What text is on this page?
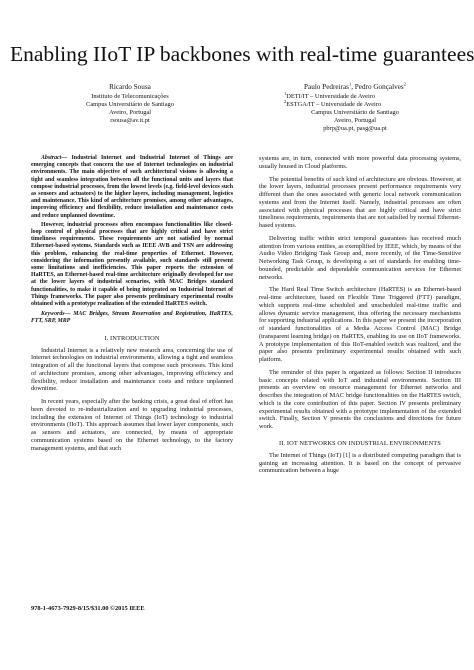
Enabling IIoT IP backbones with real-time guarantees
Ricardo Sousa
Instituto de Telecomunicações
Campus Universitário de Santiago
Aveiro, Portugal
rsousa@av.it.pt
Paulo Pedreiras$^1$, Pedro Gonçalves$^2$
$^1$DETI/IT – Universidade de Aveiro
$^2$ESTGA/IT – Universidade de Aveiro
Campus Universitário de Santiago
Aveiro, Portugal
pbrp@ua.pt, pasg@ua.pt

Abstract— Industrial Internet and Industrial Internet of Things are emerging concepts that concern the use of Internet technologies on industrial environments. The main objective of such architectural visions is allowing a tight and seamless integration between all the functional units and layers that compose industrial processes, from the lowest levels (e.g. field-level devices such as sensors and actuators) to the higher layers, including management, logistics and maintenance. This kind of architecture promises, among other advantages, improving efficiency and flexibility, reduce installation and maintenance costs and reduce unplanned downtime.

However, industrial processes often encompass functionalities like closed-loop control of physical processes that are highly critical and have strict timeliness requirements. These requirements are not satisfied by normal Ethernet-based systems. Standards such as IEEE AVB and TSN are addressing this problem, enhancing the real-time properties of Ethernet. However, considering the information presently available, such standards still present some limitations and inefficiencies. This paper reports the extension of HaRTES, an Ethernet-based real-time architecture originally developed for use at the lower layers of industrial scenarios, with MAC Bridges standard functionalities, to make it capable of being integrated on Industrial Internet of Things frameworks. The paper also presents preliminary experimental results obtained with a prototype realization of the extended HaRTES switch.

Keywords— MAC Bridges, Stream Reservation and Registration, HaRTES, FTT, SRP, MRP

I. INTRODUCTION

Industrial Internet is a relatively new research area, concerning the use of Internet technologies on industrial environments, allowing a tight and seamless integration of all the functional layers that compose such processes. This kind of architecture promises, among other advantages, improving efficiency and flexibility, reduce installation and maintenance costs and reduce unplanned downtime.

In recent years, especially after the banking crisis, a great deal of effort has been devoted to re-industrialization and to upgrading industrial processes, including the extension of Internet of Things (IoT) technology to industrial environments (IIoT). This approach assumes that lower layer components, such as sensors and actuators, are connected, by means of appropriate communication systems based on the Ethernet technology, to the factory management systems, and that such

systems are, in turn, connected with more powerful data processing systems, usually housed in Cloud platforms.

The potential benefits of such kind of architecture are obvious. However, at the lower layers, industrial processes present performance requirements very different than the ones associated with generic local network communication systems and from the Internet itself. Namely, industrial processes are often associated with physical processes that are highly critical and have strict timeliness requirements, requirements that are not satisfied by normal Ethernet-based systems.

Delivering traffic within strict temporal guarantees has received much attention from various entities, as exemplified by IEEE, which, by means of the Audio Video Bridging Task Group and, more recently, of the Time-Sensitive Networking Task Group, is developing a set of standards for enabling time-bounded, predictable and dependable communication services for Ethernet networks.

The Hard Real Time Switch architecture (HaRTES) is an Ethernet-based real-time architecture, based on Flexible Time Triggered (FTT) paradigm, which supports real-time scheduled and unscheduled real-time traffic and allows dynamic service management, thus offering the necessary mechanisms for supporting industrial applications. In this paper we present the incorporation of standard functionalities of a Media Access Control (MAC) Bridge (transparent learning bridge) on HaRTES, enabling its use on IIoT frameworks. A prototype implementation of this IIoT-enabled switch was realized, and the paper also presents preliminary experimental results obtained with such platform.

The reminder of this paper is organized as follows: Section II introduces basic concepts related with IoT and industrial environments. Section III presents an overview on resource management for Ethernet networks and describes the integration of MAC bridge functionalities on the HaRTES switch, which is the core contribution of this paper. Section IV presents preliminary experimental results obtained with a prototype implementation of the extended switch. Finally, Section V presents the conclusions and directions for future work.

II. IOT NETWORKS ON INDUSTRIAL ENVIRONMENTS

The Internet of Things (IoT) [1] is a distributed computing paradigm that is gaining an increasing attention. It is based on the concept of pervasive communication between a huge

978-1-4673-7929-8/15/$31.00 ©2015 IEEE
